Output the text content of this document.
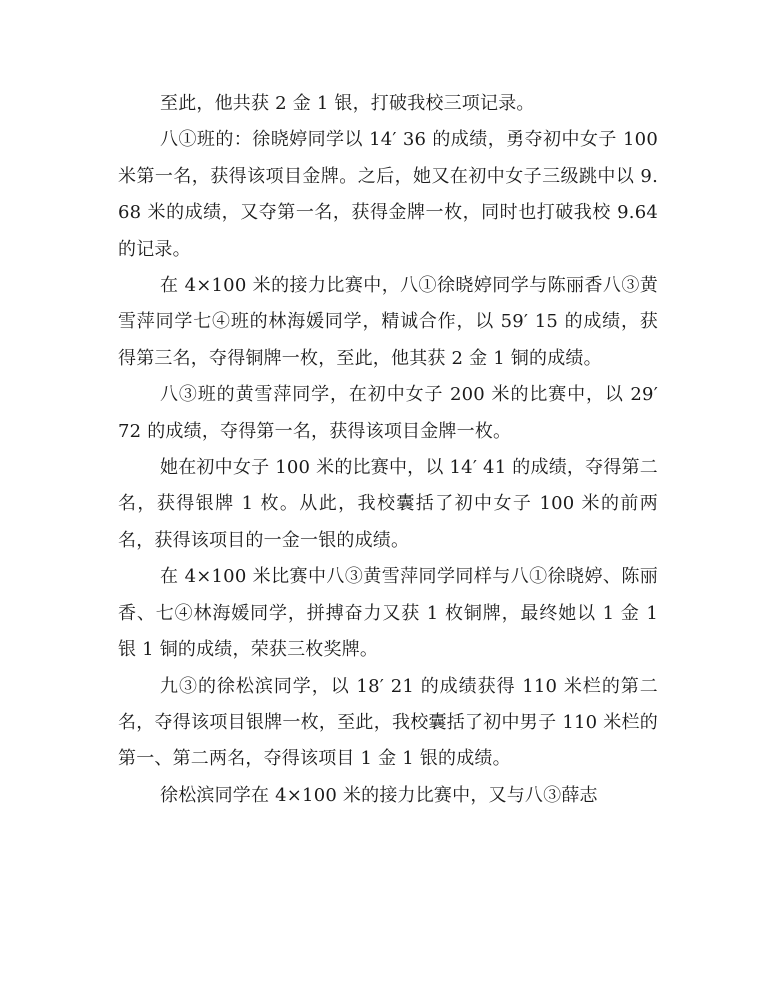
至此，他共获 2 金 1 银，打破我校三项记录。

八①班的：徐晓婷同学以 14′ 36 的成绩，勇夺初中女子 100 米第一名，获得该项目金牌。之后，她又在初中女子三级跳中以 9.68 米的成绩，又夺第一名，获得金牌一枚，同时也打破我校 9.64 的记录。

在 4×100 米的接力比赛中，八①徐晓婷同学与陈丽香八③黄雪萍同学七④班的林海媛同学，精诚合作，以 59′ 15 的成绩，获得第三名，夺得铜牌一枚，至此，他其获 2 金 1 铜的成绩。

八③班的黄雪萍同学，在初中女子 200 米的比赛中，以 29′ 72 的成绩，夺得第一名，获得该项目金牌一枚。

她在初中女子 100 米的比赛中，以 14′ 41 的成绩，夺得第二名，获得银牌 1 枚。从此，我校囊括了初中女子 100 米的前两名，获得该项目的一金一银的成绩。

在 4×100 米比赛中八③黄雪萍同学同样与八①徐晓婷、陈丽香、七④林海媛同学，拼搏奋力又获 1 枚铜牌，最终她以 1 金 1 银 1 铜的成绩，荣获三枚奖牌。

九③的徐松滨同学，以 18′ 21 的成绩获得 110 米栏的第二名，夺得该项目银牌一枚，至此，我校囊括了初中男子 110 米栏的第一、第二两名，夺得该项目 1 金 1 银的成绩。

徐松滨同学在 4×100 米的接力比赛中，又与八③薛志
